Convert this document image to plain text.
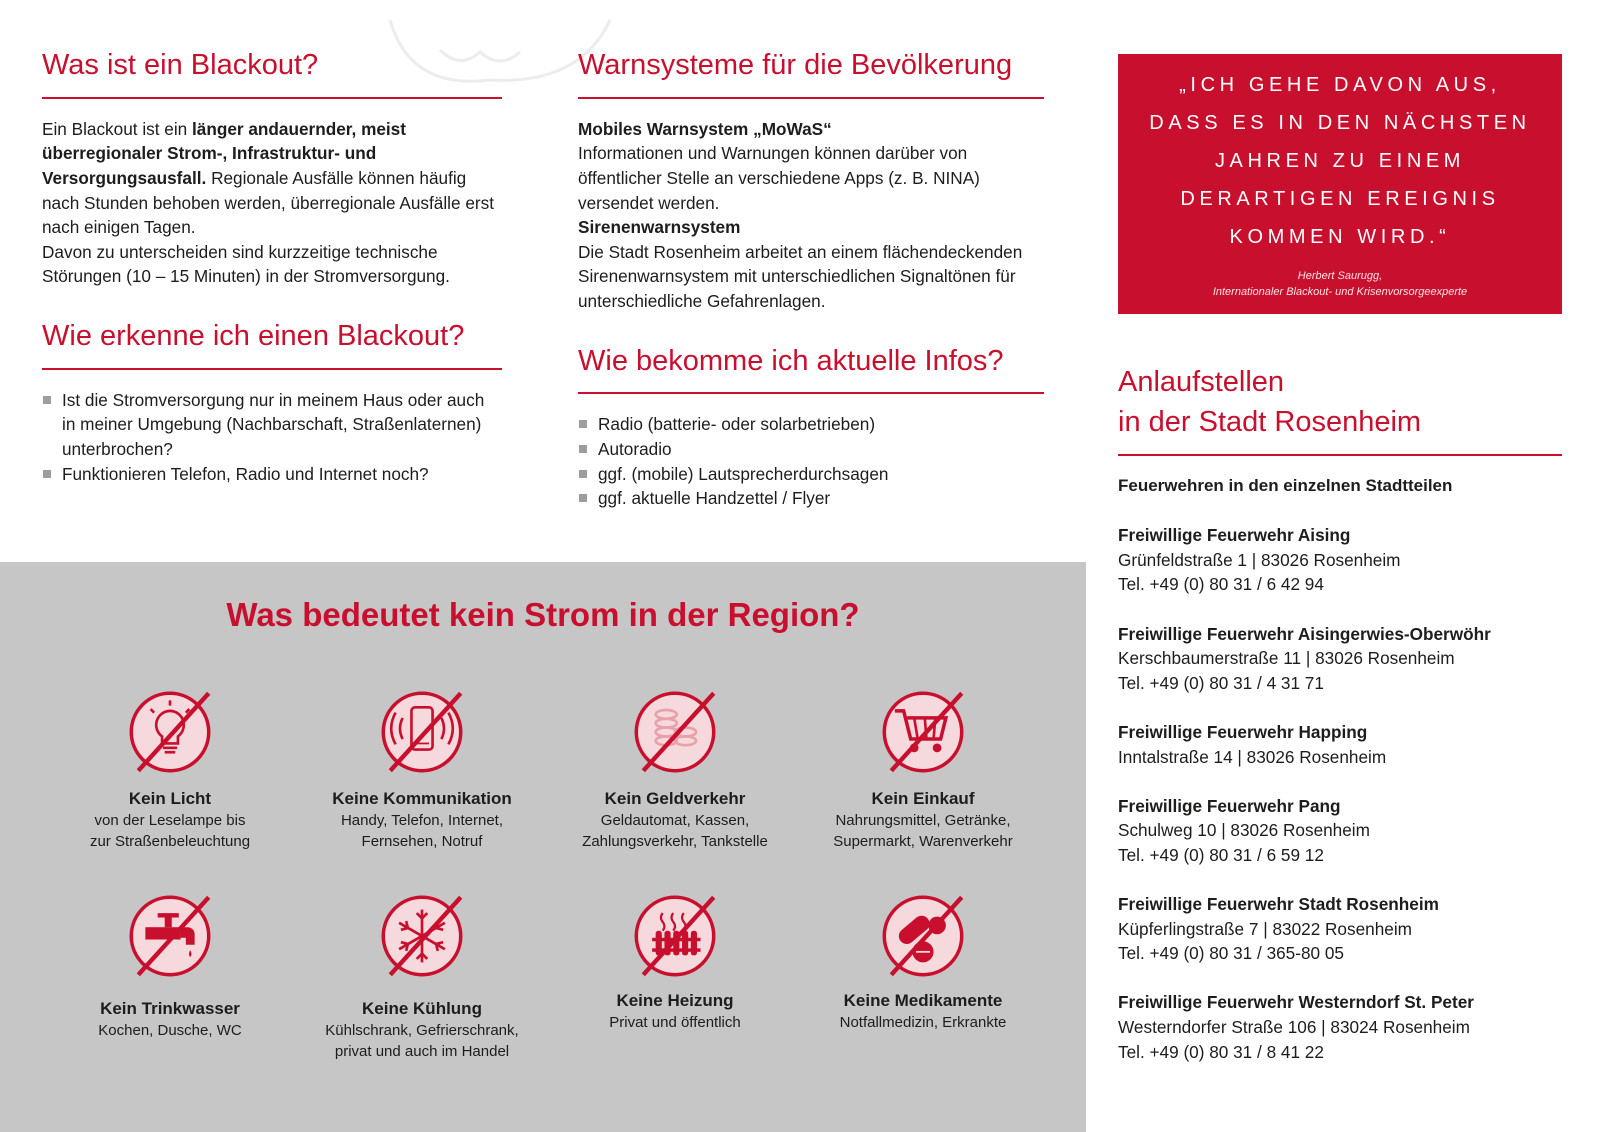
Was ist ein Blackout?

Ein Blackout ist ein länger andauernder, meist überregionaler Strom-, Infrastruktur- und Versorgungsausfall. Regionale Ausfälle können häufig nach Stunden behoben werden, überregionale Ausfälle erst nach einigen Tagen.

Davon zu unterscheiden sind kurzzeitige technische Störungen (10 – 15 Minuten) in der Stromversorgung.

Wie erkenne ich einen Blackout?
Ist die Stromversorgung nur in meinem Haus oder auch in meiner Umgebung (Nachbarschaft, Straßenlaternen) unterbrochen?
Funktionieren Telefon, Radio und Internet noch?
Warnsysteme für die Bevölkerung

Mobiles Warnsystem „MoWaS“
Informationen und Warnungen können darüber von öffentlicher Stelle an verschiedene Apps (z. B. NINA) versendet werden.
Sirenenwarnsystem
Die Stadt Rosenheim arbeitet an einem flächendeckenden Sirenenwarnsystem mit unterschiedlichen Signaltönen für unterschiedliche Gefahrenlagen.

Wie bekomme ich aktuelle Infos?
Radio (batterie- oder solarbetrieben)
Autoradio
ggf. (mobile) Lautsprecherdurchsagen
ggf. aktuelle Handzettel / Flyer
„ICH GEHE DAVON AUS,
DASS ES IN DEN NÄCHSTEN
JAHREN ZU EINEM
DERARTIGEN EREIGNIS
KOMMEN WIRD.“
Herbert Saurugg,
Internationaler Blackout- und Krisenvorsorgeexperte
Anlaufstellen
in der Stadt Rosenheim
Feuerwehren in den einzelnen Stadtteilen
Freiwillige Feuerwehr Aising
Grünfeldstraße 1 | 83026 Rosenheim
Tel. +49 (0) 80 31 / 6 42 94
Freiwillige Feuerwehr Aisingerwies-Oberwöhr
Kerschbaumerstraße 11 | 83026 Rosenheim
Tel. +49 (0) 80 31 / 4 31 71
Freiwillige Feuerwehr Happing
Inntalstraße 14 | 83026 Rosenheim
Freiwillige Feuerwehr Pang
Schulweg 10 | 83026 Rosenheim
Tel. +49 (0) 80 31 / 6 59 12
Freiwillige Feuerwehr Stadt Rosenheim
Küpferlingstraße 7 | 83022 Rosenheim
Tel. +49 (0) 80 31 / 365-80 05
Freiwillige Feuerwehr Westerndorf St. Peter
Westerndorfer Straße 106 | 83024 Rosenheim
Tel. +49 (0) 80 31 / 8 41 22
Was bedeutet kein Strom in der Region?
Kein Licht
von der Leselampe bis
zur Straßenbeleuchtung
Keine Kommunikation
Handy, Telefon, Internet,
Fernsehen, Notruf
Kein Geldverkehr
Geldautomat, Kassen,
Zahlungsverkehr, Tankstelle
Kein Einkauf
Nahrungsmittel, Getränke,
Supermarkt, Warenverkehr
Kein Trinkwasser
Kochen, Dusche, WC
Keine Kühlung
Kühlschrank, Gefrierschrank,
privat und auch im Handel
Keine Heizung
Privat und öffentlich
Keine Medikamente
Notfallmedizin, Erkrankte
